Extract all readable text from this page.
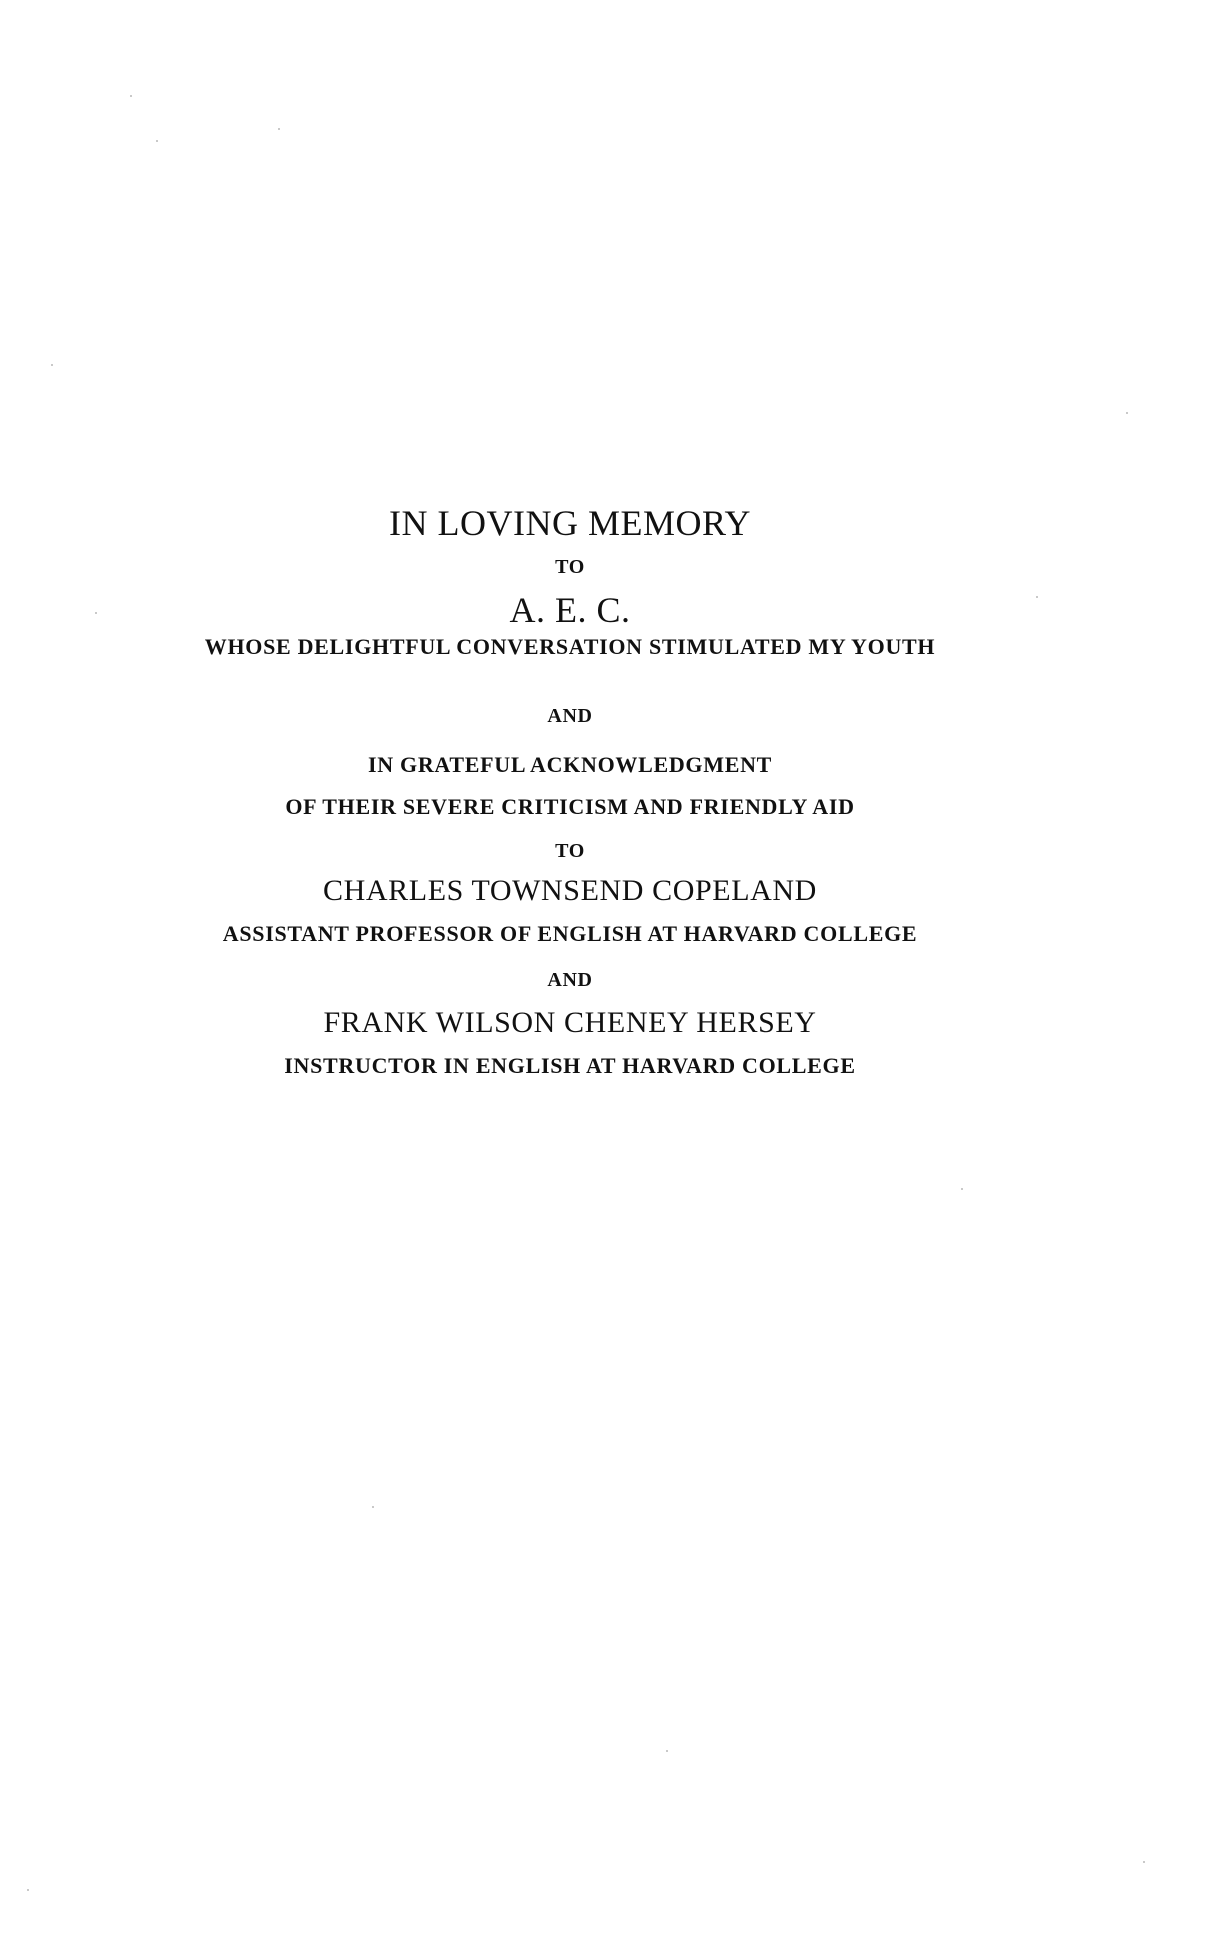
IN LOVING MEMORY
TO
A. E. C.
WHOSE DELIGHTFUL CONVERSATION STIMULATED MY YOUTH
AND
IN GRATEFUL ACKNOWLEDGMENT
OF THEIR SEVERE CRITICISM AND FRIENDLY AID
TO
CHARLES TOWNSEND COPELAND
ASSISTANT PROFESSOR OF ENGLISH AT HARVARD COLLEGE
AND
FRANK WILSON CHENEY HERSEY
INSTRUCTOR IN ENGLISH AT HARVARD COLLEGE
